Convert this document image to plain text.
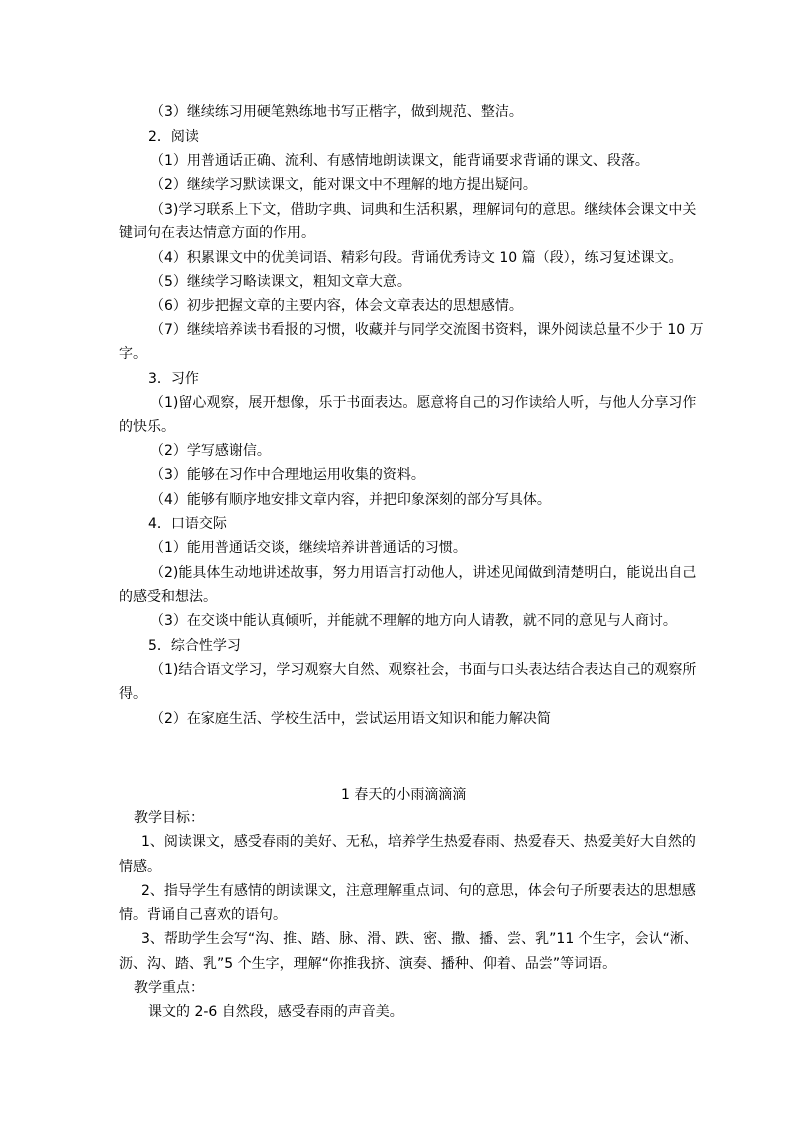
（3）继续练习用硬笔熟练地书写正楷字，做到规范、整洁。
2．阅读
（1）用普通话正确、流利、有感情地朗读课文，能背诵要求背诵的课文、段落。
（2）继续学习默读课文，能对课文中不理解的地方提出疑问。
（3)学习联系上下文，借助字典、词典和生活积累，理解词句的意思。继续体会课文中关
键词句在表达情意方面的作用。
（4）积累课文中的优美词语、精彩句段。背诵优秀诗文 10 篇（段），练习复述课文。
（5）继续学习略读课文，粗知文章大意。
（6）初步把握文章的主要内容，体会文章表达的思想感情。
（7）继续培养读书看报的习惯，收藏并与同学交流图书资料，课外阅读总量不少于 10 万
字。
3．习作
（1)留心观察，展开想像，乐于书面表达。愿意将自己的习作读给人听，与他人分享习作
的快乐。
（2）学写感谢信。
（3）能够在习作中合理地运用收集的资料。
（4）能够有顺序地安排文章内容，并把印象深刻的部分写具体。
4．口语交际
（1）能用普通话交谈，继续培养讲普通话的习惯。
（2)能具体生动地讲述故事，努力用语言打动他人，讲述见闻做到清楚明白，能说出自己
的感受和想法。
（3）在交谈中能认真倾听，并能就不理解的地方向人请教，就不同的意见与人商讨。
5．综合性学习
（1)结合语文学习，学习观察大自然、观察社会，书面与口头表达结合表达自己的观察所
得。
（2）在家庭生活、学校生活中，尝试运用语文知识和能力解决简
1 春天的小雨滴滴滴
教学目标：
1、阅读课文，感受春雨的美好、无私，培养学生热爱春雨、热爱春天、热爱美好大自然的
情感。
2、指导学生有感情的朗读课文，注意理解重点词、句的意思，体会句子所要表达的思想感
情。背诵自己喜欢的语句。
3、帮助学生会写“沟、推、踏、脉、滑、跌、密、撒、播、尝、乳”11 个生字，会认“淅、
沥、沟、踏、乳”5 个生字，理解“你推我挤、演奏、播种、仰着、品尝”等词语。
教学重点：
课文的 2-6 自然段，感受春雨的声音美。
